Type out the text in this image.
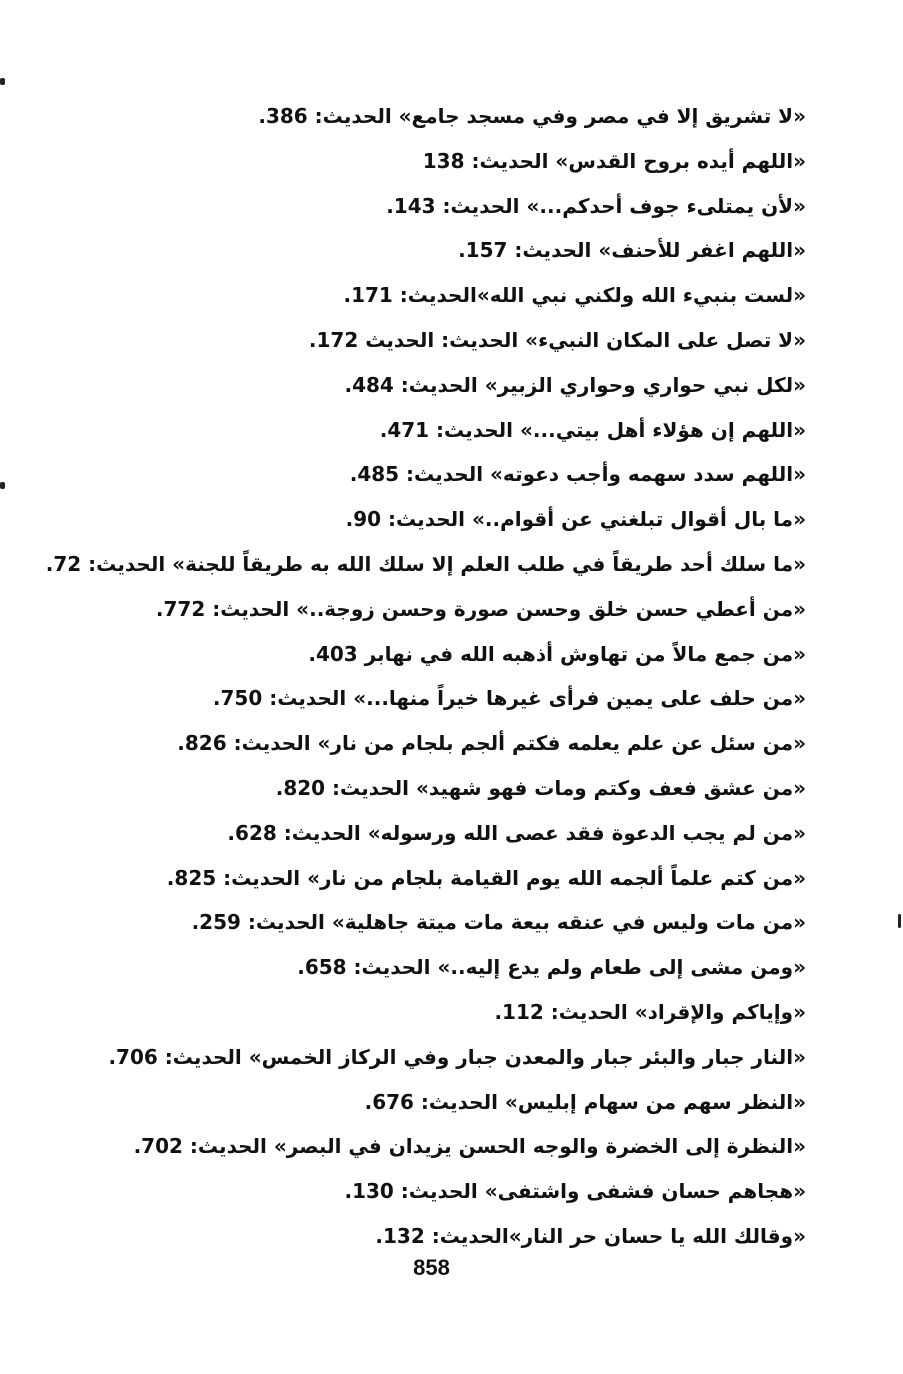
«لا تشريق إلا في مصر وفي مسجد جامع» الحديث: 386.
«اللهم أيده بروح القدس» الحديث: 138
«لأن يمتلىء جوف أحدكم...» الحديث: 143.
«اللهم اغفر للأحنف» الحديث: 157.
«لست بنبيء الله ولكني نبي الله»الحديث: 171.
«لا تصل على المكان النبيء» الحديث: الحديث 172.
«لكل نبي حواري وحواري الزبير» الحديث: 484.
«اللهم إن هؤلاء أهل بيتي...» الحديث: 471.
«اللهم سدد سهمه وأجب دعوته» الحديث: 485.
«ما بال أقوال تبلغني عن أقوام..» الحديث: 90.
«ما سلك أحد طريقاً في طلب العلم إلا سلك الله به طريقاً للجنة» الحديث: 72.
«من أعطي حسن خلق وحسن صورة وحسن زوجة..» الحديث: 772.
«من جمع مالاً من تهاوش أذهبه الله في نهابر 403.
«من حلف على يمين فرأى غيرها خيراً منها...» الحديث: 750.
«من سئل عن علم يعلمه فكتم ألجم بلجام من نار» الحديث: 826.
«من عشق فعف وكتم ومات فهو شهيد» الحديث: 820.
«من لم يجب الدعوة فقد عصى الله ورسوله» الحديث: 628.
«من كتم علماً ألجمه الله يوم القيامة بلجام من نار» الحديث: 825.
«من مات وليس في عنقه بيعة مات ميتة جاهلية» الحديث: 259.
«ومن مشى إلى طعام ولم يدع إليه..» الحديث: 658.
«وإياكم والإقراد» الحديث: 112.
«النار جبار والبئر جبار والمعدن جبار وفي الركاز الخمس» الحديث: 706.
«النظر سهم من سهام إبليس» الحديث: 676.
«النظرة إلى الخضرة والوجه الحسن يزيدان في البصر» الحديث: 702.
«هجاهم حسان فشفى واشتفى» الحديث: 130.
«وقالك الله يا حسان حر النار»الحديث: 132.
858
